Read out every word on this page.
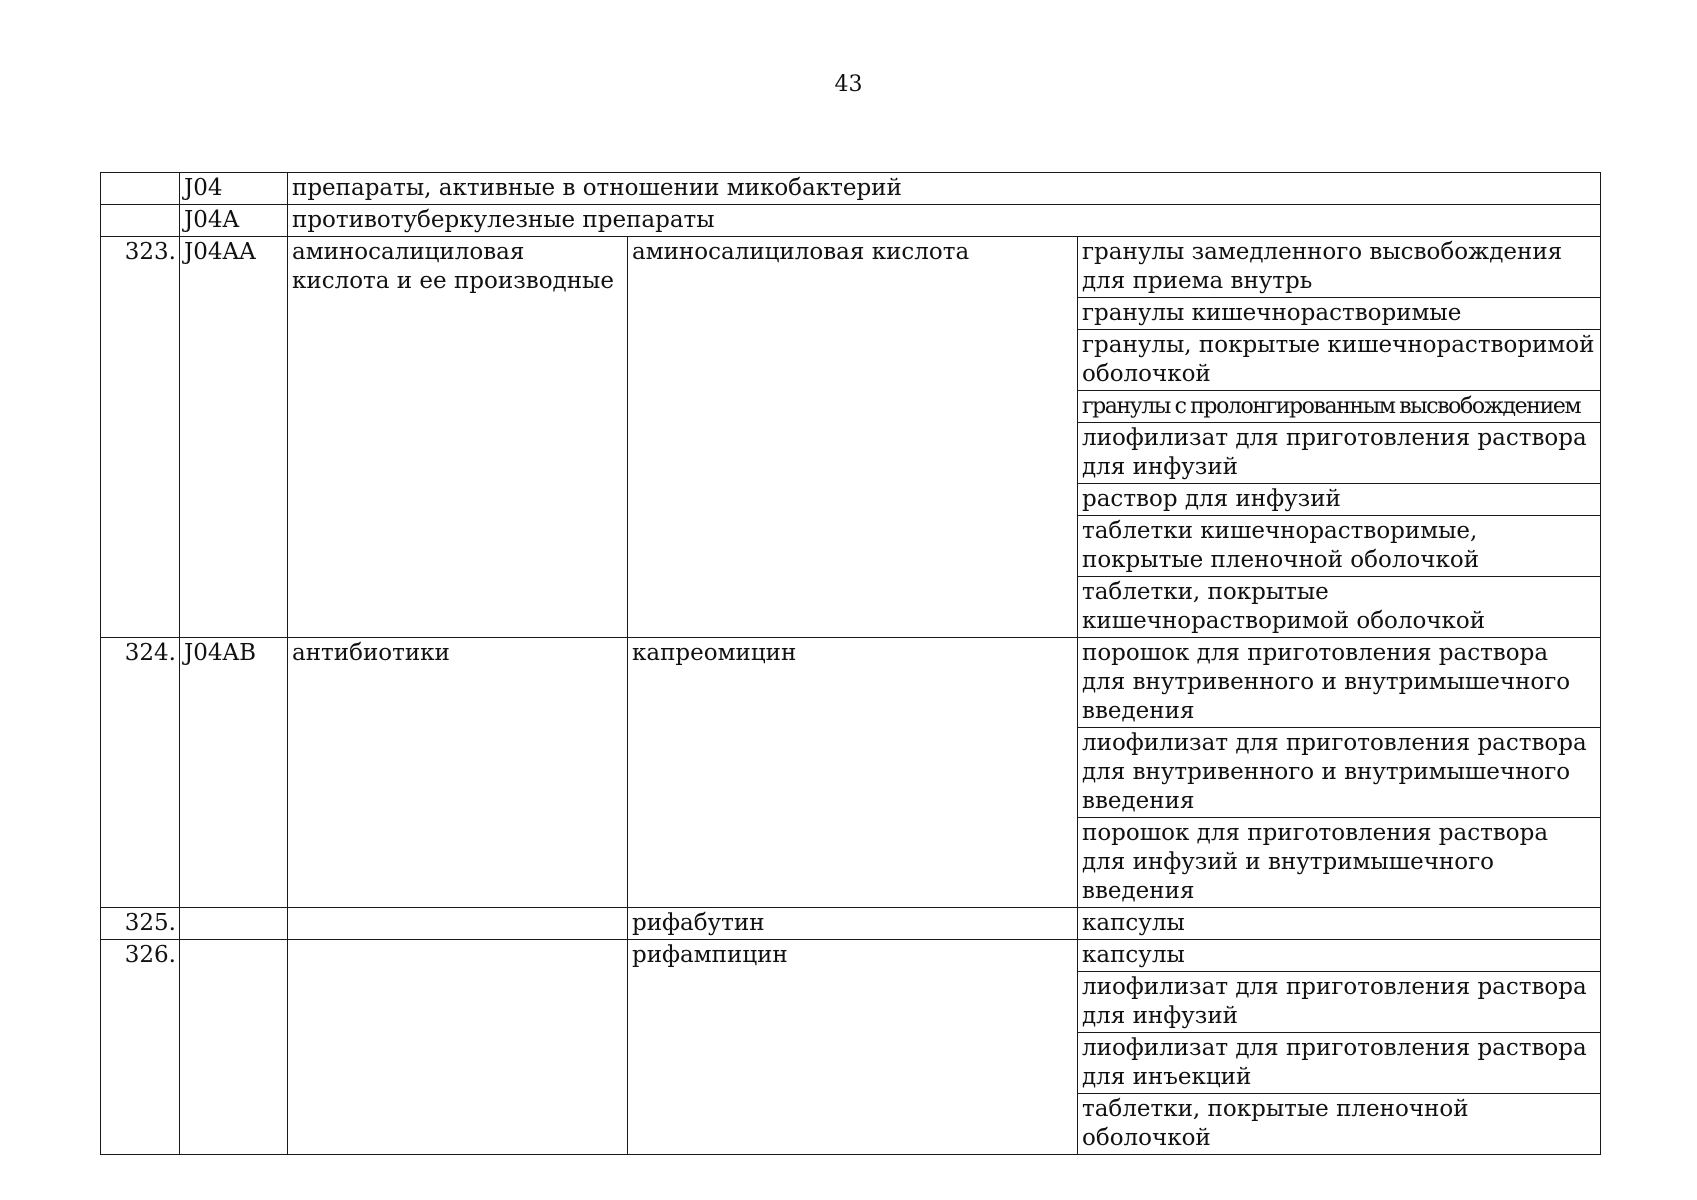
43
	J04	препараты, активные в отношении микобактерий		
	J04A	противотуберкулезные препараты		
323.	J04AA	аминосалициловая кислота и ее производные	аминосалициловая кислота	гранулы замедленного высвобождения для приема внутрь
				гранулы кишечнорастворимые
				гранулы, покрытые кишечнорастворимой оболочкой
				гранулы с пролонгированным высвобождением
				лиофилизат для приготовления раствора для инфузий
				раствор для инфузий
				таблетки кишечнорастворимые, покрытые пленочной оболочкой
				таблетки, покрытые кишечнорастворимой оболочкой
324.	J04AB	антибиотики	капреомицин	порошок для приготовления раствора для внутривенного и внутримышечного введения
				лиофилизат для приготовления раствора для внутривенного и внутримышечного введения
				порошок для приготовления раствора для инфузий и внутримышечного введения
325.			рифабутин	капсулы
326.			рифампицин	капсулы
				лиофилизат для приготовления раствора для инфузий
				лиофилизат для приготовления раствора для инъекций
				таблетки, покрытые пленочной оболочкой
